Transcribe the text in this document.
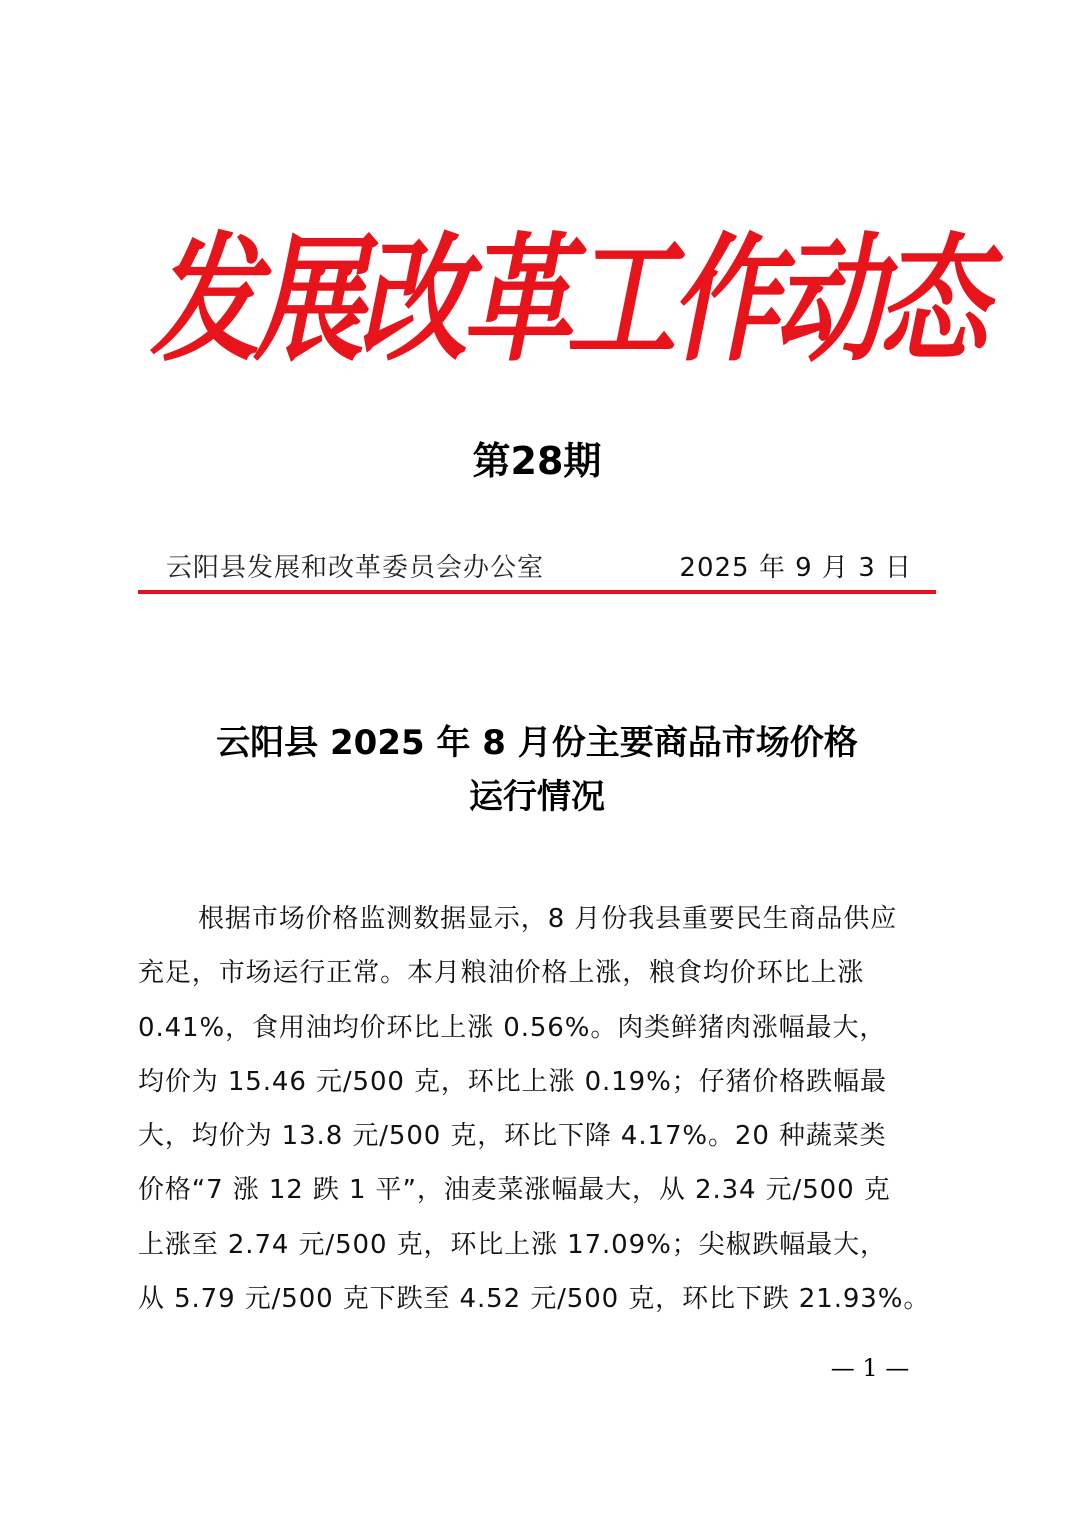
发展改革工作动态
第28期
云阳县发展和改革委员会办公室	2025 年 9 月 3 日
云阳县 2025 年 8 月份主要商品市场价格
运行情况
根据市场价格监测数据显示，8 月份我县重要民生商品供应
充足，市场运行正常。本月粮油价格上涨，粮食均价环比上涨
0.41%，食用油均价环比上涨 0.56%。肉类鲜猪肉涨幅最大，
均价为 15.46 元/500 克，环比上涨 0.19%；仔猪价格跌幅最
大，均价为 13.8 元/500 克，环比下降 4.17%。20 种蔬菜类
价格“7 涨 12 跌 1 平”，油麦菜涨幅最大，从 2.34 元/500 克
上涨至 2.74 元/500 克，环比上涨 17.09%；尖椒跌幅最大，
从 5.79 元/500 克下跌至 4.52 元/500 克，环比下跌 21.93%。
— 1 —
